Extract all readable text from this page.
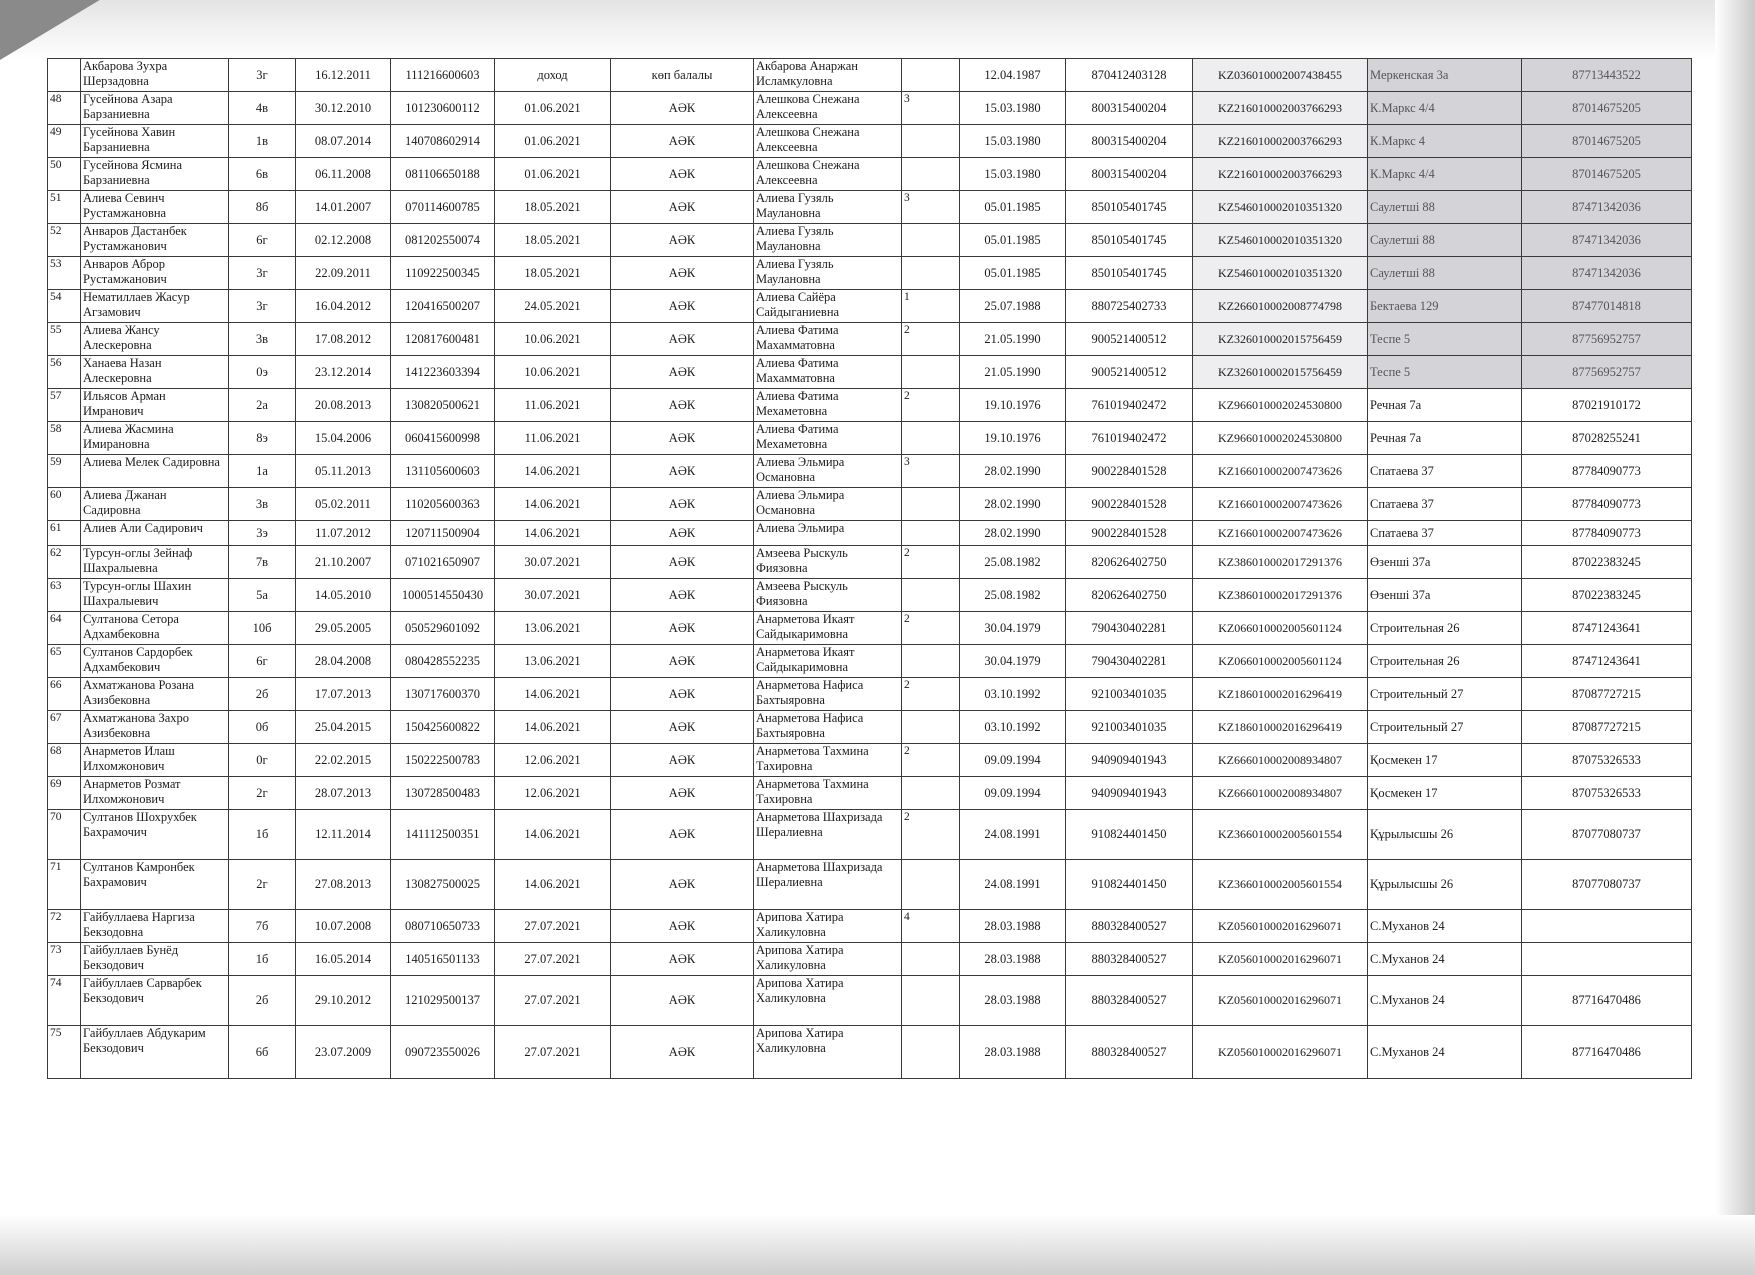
	Акбарова Зухра Шерзадовна	3г	16.12.2011	111216600603	доход	көп балалы	Акбарова Анаржан Исламкуловна		12.04.1987	870412403128	KZ036010002007438455	Меркенская 3а	87713443522
48	Гусейнова Азара Барзаниевна	4в	30.12.2010	101230600112	01.06.2021	АӘК	Алешкова Снежана Алексеевна	3	15.03.1980	800315400204	KZ216010002003766293	К.Маркс 4/4	87014675205
49	Гусейнова Хавин Барзаниевна	1в	08.07.2014	140708602914	01.06.2021	АӘК	Алешкова Снежана Алексеевна		15.03.1980	800315400204	KZ216010002003766293	К.Маркс 4	87014675205
50	Гусейнова Ясмина Барзаниевна	6в	06.11.2008	081106650188	01.06.2021	АӘК	Алешкова Снежана Алексеевна		15.03.1980	800315400204	KZ216010002003766293	К.Маркс 4/4	87014675205
51	Алиева Севинч Рустамжановна	8б	14.01.2007	070114600785	18.05.2021	АӘК	Алиева Гузяль Маулановна	3	05.01.1985	850105401745	KZ546010002010351320	Саулетші 88	87471342036
52	Анваров Дастанбек Рустамжанович	6г	02.12.2008	081202550074	18.05.2021	АӘК	Алиева Гузяль Маулановна		05.01.1985	850105401745	KZ546010002010351320	Саулетші 88	87471342036
53	Анваров Аброр Рустамжанович	3г	22.09.2011	110922500345	18.05.2021	АӘК	Алиева Гузяль Маулановна		05.01.1985	850105401745	KZ546010002010351320	Саулетші 88	87471342036
54	Нематиллаев Жасур Агзамович	3г	16.04.2012	120416500207	24.05.2021	АӘК	Алиева Сайёра Сайдыганиевна	1	25.07.1988	880725402733	KZ266010002008774798	Бектаева 129	87477014818
55	Алиева Жансу Алескеровна	3в	17.08.2012	120817600481	10.06.2021	АӘК	Алиева Фатима Махамматовна	2	21.05.1990	900521400512	KZ326010002015756459	Теспе 5	87756952757
56	Ханаева Назан Алескеровна	0э	23.12.2014	141223603394	10.06.2021	АӘК	Алиева Фатима Махамматовна		21.05.1990	900521400512	KZ326010002015756459	Теспе 5	87756952757
57	Ильясов Арман Имранович	2а	20.08.2013	130820500621	11.06.2021	АӘК	Алиева Фатима Мехаметовна	2	19.10.1976	761019402472	KZ966010002024530800	Речная 7а	87021910172
58	Алиева Жасмина Имирановна	8э	15.04.2006	060415600998	11.06.2021	АӘК	Алиева Фатима Мехаметовна		19.10.1976	761019402472	KZ966010002024530800	Речная 7а	87028255241
59	Алиева Мелек Садировна	1а	05.11.2013	131105600603	14.06.2021	АӘК	Алиева Эльмира Османовна	3	28.02.1990	900228401528	KZ166010002007473626	Спатаева 37	87784090773
60	Алиева Джанан Садировна	3в	05.02.2011	110205600363	14.06.2021	АӘК	Алиева Эльмира Османовна		28.02.1990	900228401528	KZ166010002007473626	Спатаева 37	87784090773
61	Алиев Али Садирович	3э	11.07.2012	120711500904	14.06.2021	АӘК	Алиева Эльмира		28.02.1990	900228401528	KZ166010002007473626	Спатаева 37	87784090773
62	Турсун-оглы Зейнаф Шахралыевна	7в	21.10.2007	071021650907	30.07.2021	АӘК	Амзеева Рыскуль Фиязовна	2	25.08.1982	820626402750	KZ386010002017291376	Өзенші 37а	87022383245
63	Турсун-оглы Шахин Шахралыевич	5а	14.05.2010	1000514550430	30.07.2021	АӘК	Амзеева Рыскуль Фиязовна		25.08.1982	820626402750	KZ386010002017291376	Өзенші 37а	87022383245
64	Султанова Сетора Адхамбековна	10б	29.05.2005	050529601092	13.06.2021	АӘК	Анарметова Икаят Сайдыкаримовна	2	30.04.1979	790430402281	KZ066010002005601124	Строительная 26	87471243641
65	Султанов Сардорбек Адхамбекович	6г	28.04.2008	080428552235	13.06.2021	АӘК	Анарметова Икаят Сайдыкаримовна		30.04.1979	790430402281	KZ066010002005601124	Строительная 26	87471243641
66	Ахматжанова Розана Азизбековна	2б	17.07.2013	130717600370	14.06.2021	АӘК	Анарметова Нафиса Бахтыяровна	2	03.10.1992	921003401035	KZ186010002016296419	Строительный 27	87087727215
67	Ахматжанова Захро Азизбековна	0б	25.04.2015	150425600822	14.06.2021	АӘК	Анарметова Нафиса Бахтыяровна		03.10.1992	921003401035	KZ186010002016296419	Строительный 27	87087727215
68	Анарметов Илаш Илхомжонович	0г	22.02.2015	150222500783	12.06.2021	АӘК	Анарметова Тахмина Тахировна	2	09.09.1994	940909401943	KZ666010002008934807	Қосмекен 17	87075326533
69	Анарметов Розмат Илхомжонович	2г	28.07.2013	130728500483	12.06.2021	АӘК	Анарметова Тахмина Тахировна		09.09.1994	940909401943	KZ666010002008934807	Қосмекен 17	87075326533
70	Султанов Шохрухбек Бахрамочич	1б	12.11.2014	141112500351	14.06.2021	АӘК	Анарметова Шахризада Шералиевна	2	24.08.1991	910824401450	KZ366010002005601554	Құрылысшы 26	87077080737
71	Султанов Камронбек Бахрамович	2г	27.08.2013	130827500025	14.06.2021	АӘК	Анарметова Шахризада Шералиевна		24.08.1991	910824401450	KZ366010002005601554	Құрылысшы 26	87077080737
72	Гайбуллаева Наргиза Бекзодовна	7б	10.07.2008	080710650733	27.07.2021	АӘК	Арипова Хатира Халикуловна	4	28.03.1988	880328400527	KZ056010002016296071	С.Муханов 24	
73	Гайбуллаев Бунёд Бекзодович	1б	16.05.2014	140516501133	27.07.2021	АӘК	Арипова Хатира Халикуловна		28.03.1988	880328400527	KZ056010002016296071	С.Муханов 24	
74	Гайбуллаев Сарварбек Бекзодович	2б	29.10.2012	121029500137	27.07.2021	АӘК	Арипова Хатира Халикуловна		28.03.1988	880328400527	KZ056010002016296071	С.Муханов 24	87716470486
75	Гайбуллаев Абдукарим Бекзодович	6б	23.07.2009	090723550026	27.07.2021	АӘК	Арипова Хатира Халикуловна		28.03.1988	880328400527	KZ056010002016296071	С.Муханов 24	87716470486
